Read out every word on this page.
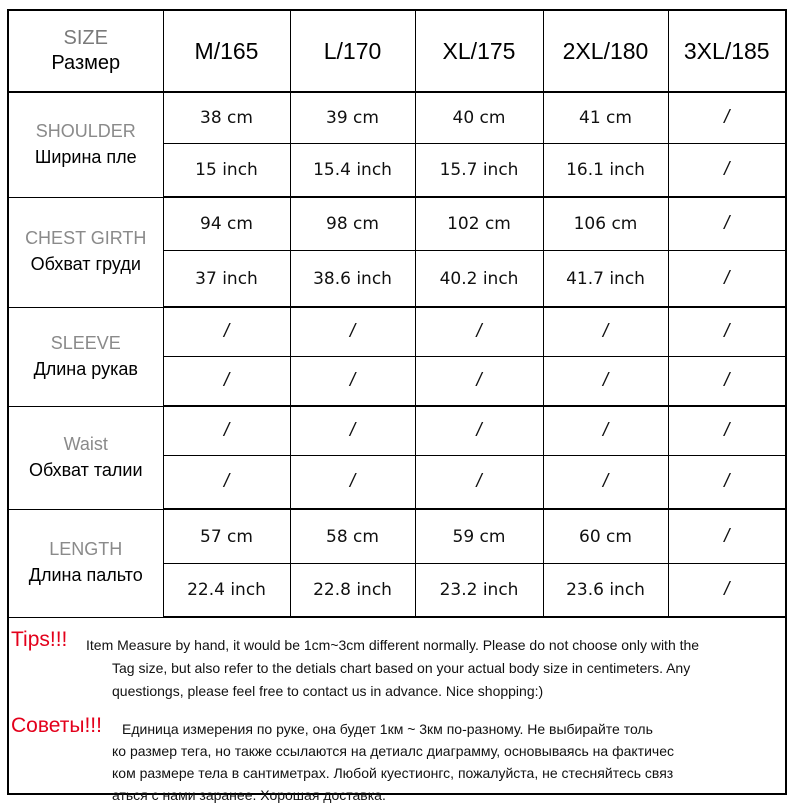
SIZE
Размер	M/165	L/170	XL/175	2XL/180	3XL/185

SHOULDER
Ширина пле	38 cm	39 cm	40 cm	41 cm	/
	15 inch	15.4 inch	15.7 inch	16.1 inch	/

CHEST GIRTH
Обхват груди	94 cm	98 cm	102 cm	106 cm	/
	37 inch	38.6 inch	40.2 inch	41.7 inch	/

SLEEVE
Длина рукав	/	/	/	/	/
	/	/	/	/	/

Waist
Обхват талии	/	/	/	/	/
	/	/	/	/	/

LENGTH
Длина пальто	57 cm	58 cm	59 cm	60 cm	/
	22.4 inch	22.8 inch	23.2 inch	23.6 inch	/
Tips!!! Item Measure by hand, it would be 1cm~3cm different normally. Please do not choose only with the
Tag size, but also refer to the detials chart based on your actual body size in centimeters. Any
questiongs, please feel free to contact us in advance. Nice shopping:)
Советы!!! Единица измерения по руке, она будет 1км ~ 3км по-разному. Не выбирайте толь
ко размер тега, но также ссылаются на детиалс диаграмму, основываясь на фактичес
ком размере тела в сантиметрах. Любой куестионгс, пожалуйста, не стесняйтесь связ
аться с нами заранее. Хорошая доставка.
